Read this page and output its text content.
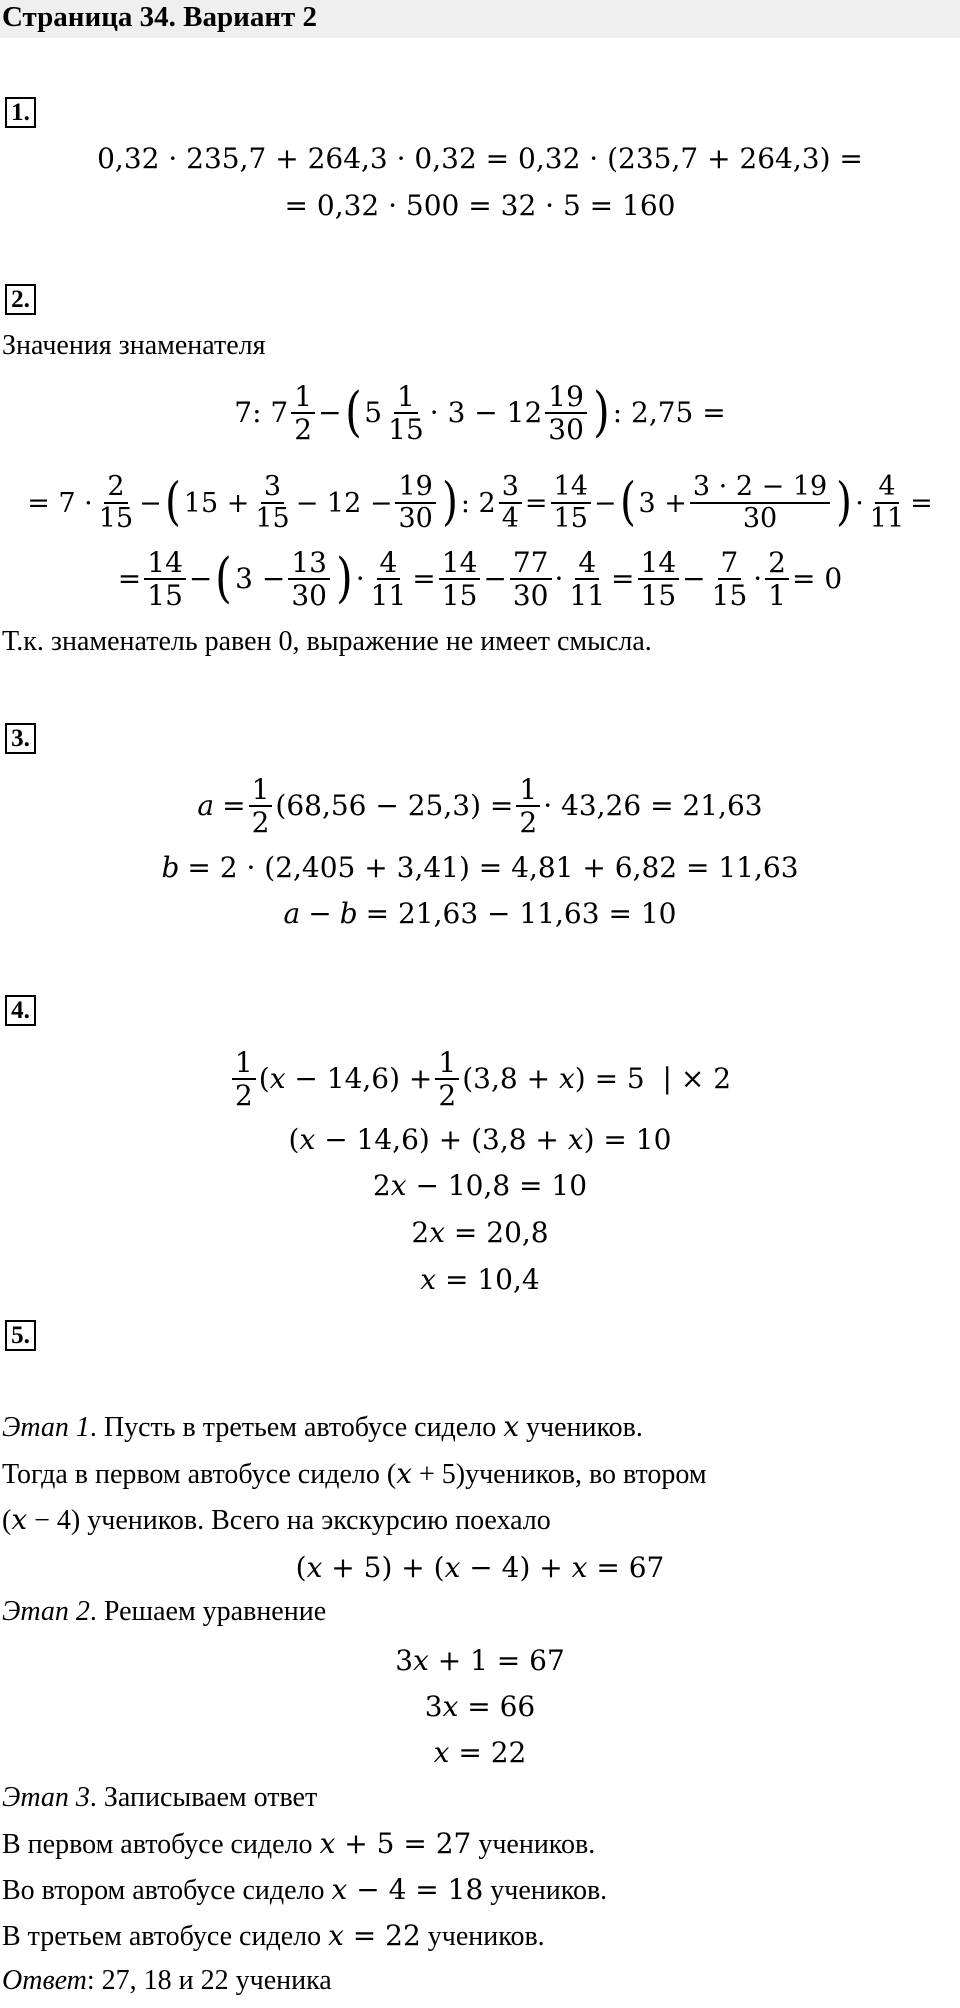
Страница 34. Вариант 2
1.
0,32 · 235,7 + 264,3 · 0,32 = 0,32 · (235,7 + 264,3) =
= 0,32 · 500 = 32 · 5 = 160
2.
Значения знаменателя
7: $7 \frac{1}{2}$ − ( $5 \frac{1}{15} \cdot 3 - 12 \frac{19}{30}$ ) : 2,75 =
= $7 \cdot \frac{2}{15}$ − ( $15 + \frac{3}{15} - 12 - \frac{19}{30}$ ) : $2 \frac{3}{4} = \frac{14}{15}$ − ( $3 + \frac{3 \cdot 2 - 19}{30}$ ) · $\frac{4}{11}$ =
= $\frac{14}{15}$ − ( $3 - \frac{13}{30}$ ) · $\frac{4}{11} = \frac{14}{15} - \frac{77}{30} \cdot \frac{4}{11} = \frac{14}{15} - \frac{7}{15} \cdot \frac{2}{1} = 0$
Т.к. знаменатель равен 0, выражение не имеет смысла.
3.
$a = \frac{1}{2} (68,56 - 25,3) = \frac{1}{2} \cdot 43,26 = 21,63$
b = 2 · (2,405 + 3,41) = 4,81 + 6,82 = 11,63
a − b = 21,63 − 11,63 = 10
4.
$\frac{1}{2}$ ( x
− $14,6) + \frac{1}{2} (3,8$ +
x ) = 5  | × 2
( x
− 14,6) + (3,8 +
x ) = 10
2 x
− 10,8 = 10
2 x
= 20,8
x
= 10,4
5.
Этап 1. Пусть в третьем автобусе сидело x учеников.
Тогда в первом автобусе сидело (x + 5)учеников, во втором
(x − 4) учеников. Всего на экскурсию поехало
( x + 5) + ( x − 4) + x = 67
Этап 2. Решаем уравнение
3 x + 1 = 67
3 x = 66
x = 22
Этап 3. Записываем ответ
В первом автобусе сидело x + 5 = 27 учеников.
Во втором автобусе сидело x − 4 = 18 учеников.
В третьем автобусе сидело x = 22 учеников.
Ответ: 27, 18 и 22 ученика
